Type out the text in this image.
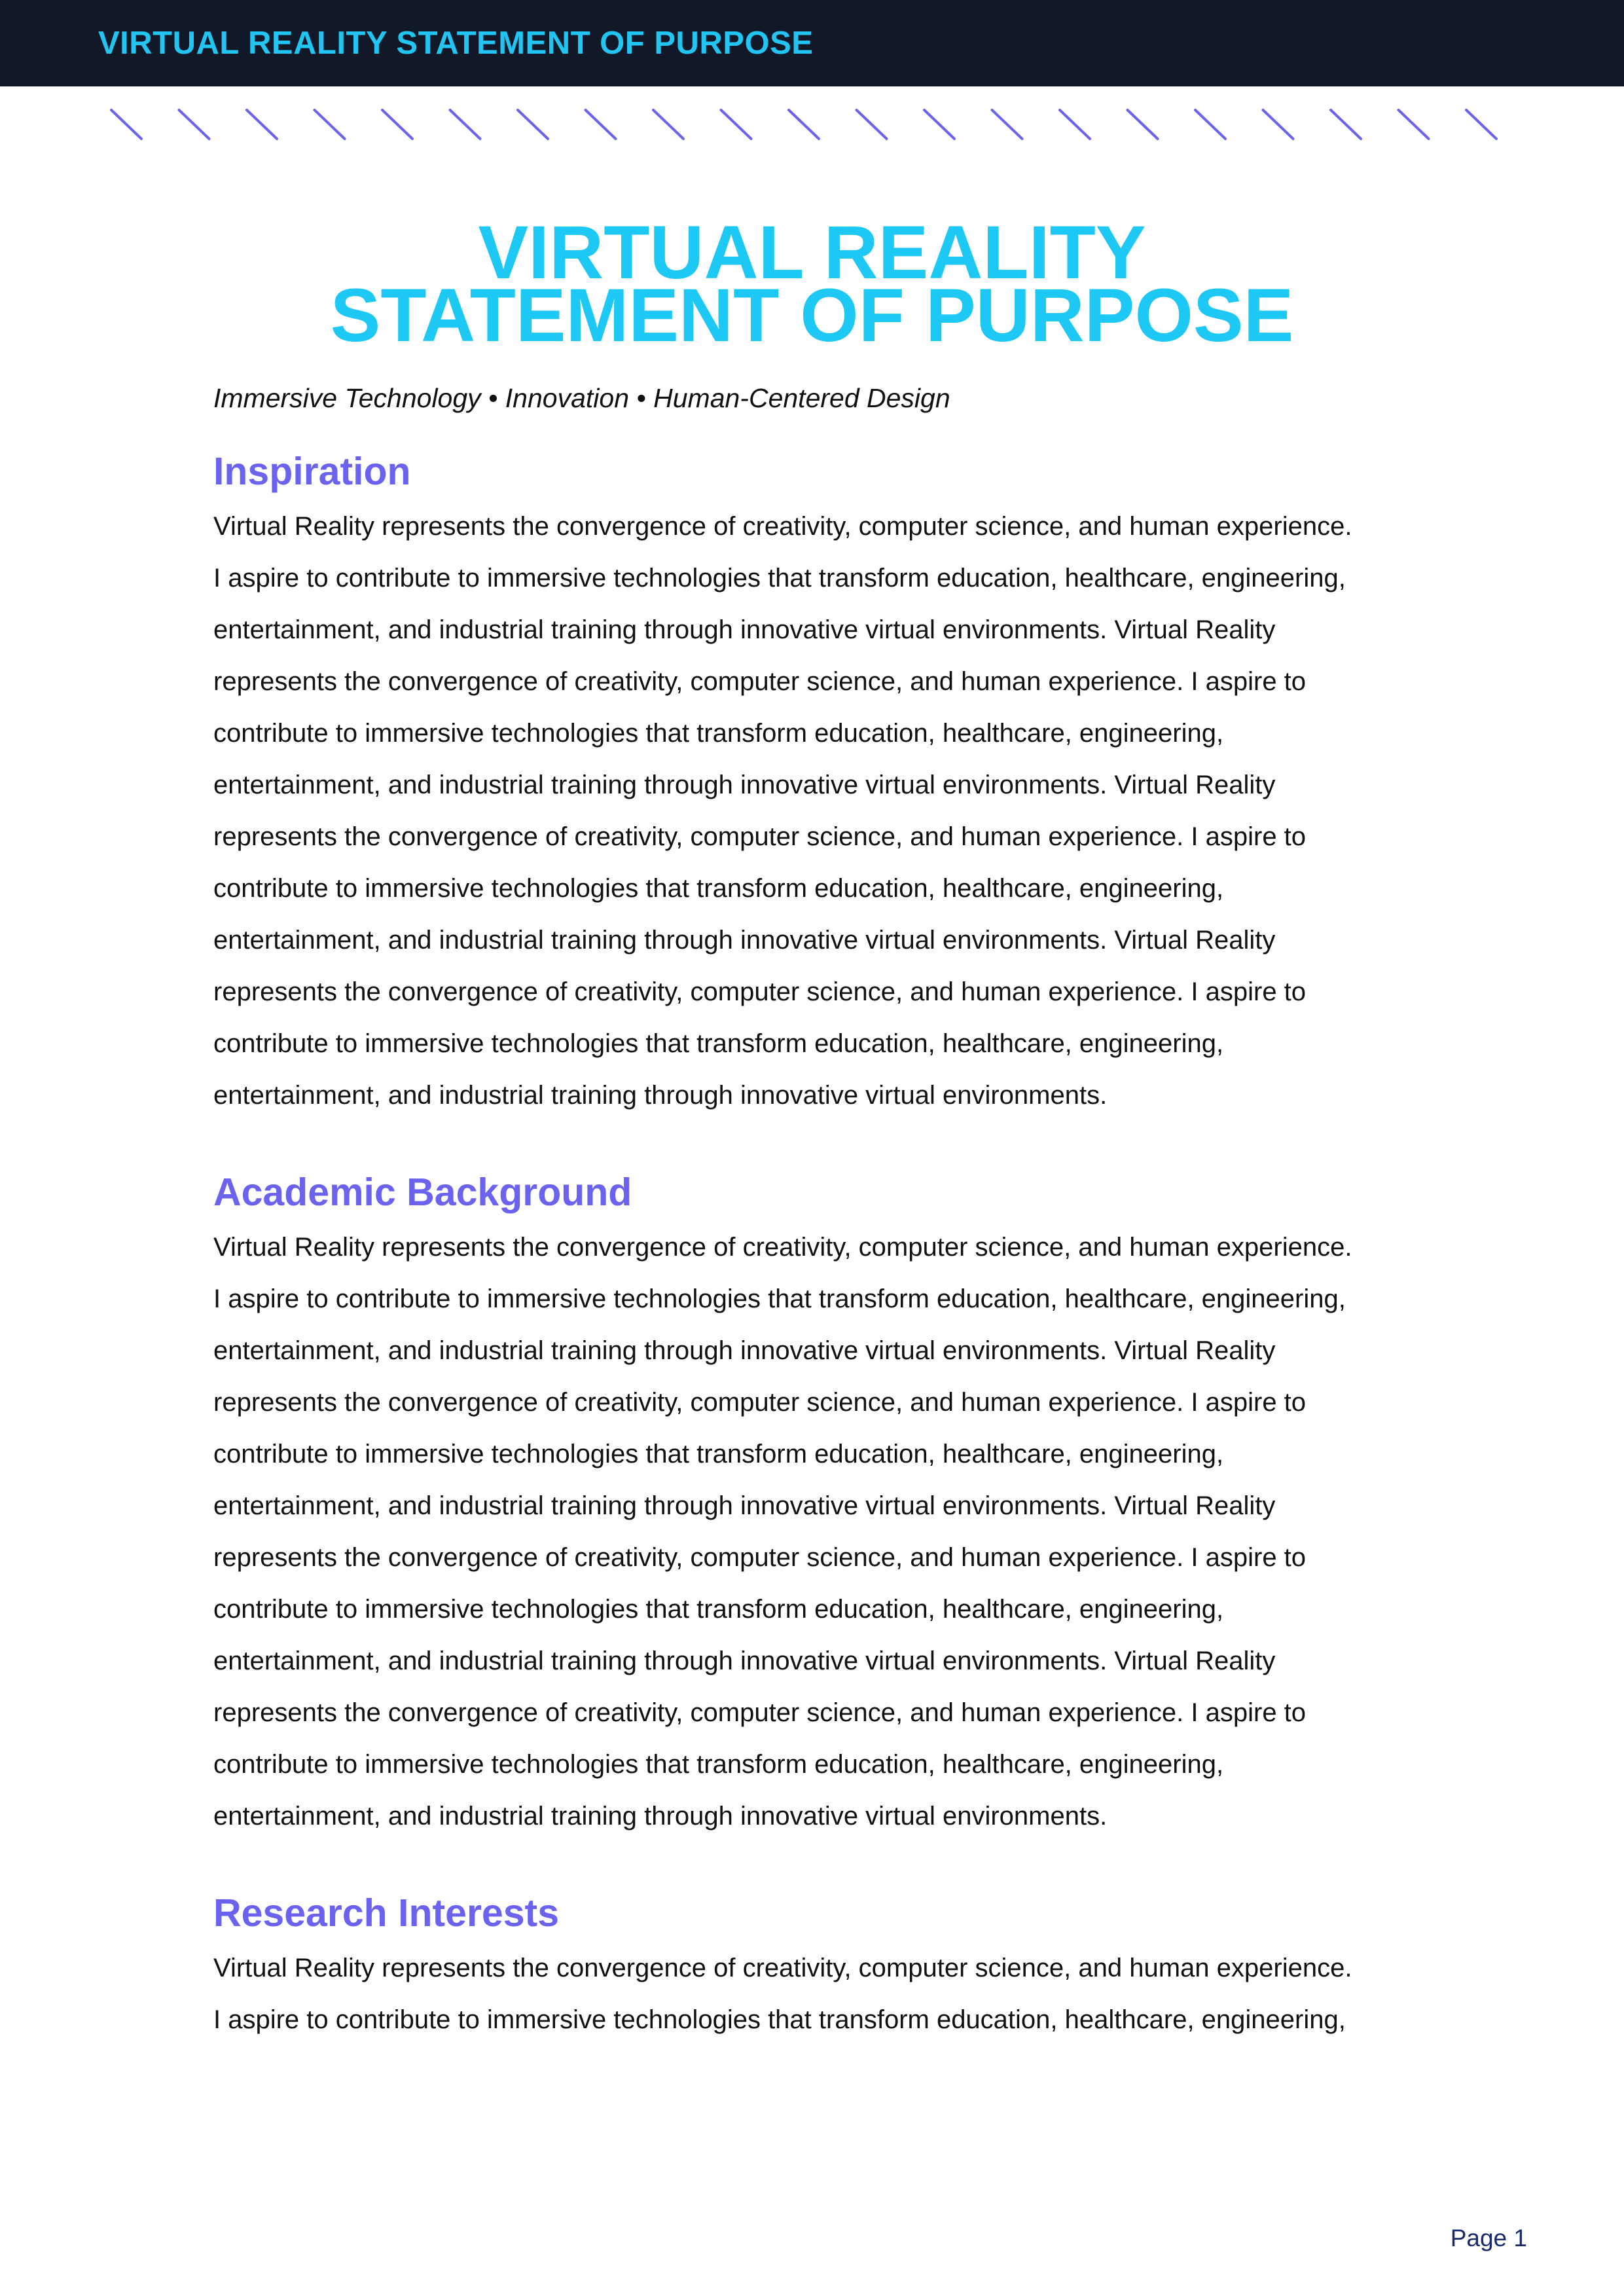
VIRTUAL REALITY STATEMENT OF PURPOSE
VIRTUAL REALITY
STATEMENT OF PURPOSE
Immersive Technology • Innovation • Human-Centered Design
Inspiration
Virtual Reality represents the convergence of creativity, computer science, and human experience.
I aspire to contribute to immersive technologies that transform education, healthcare, engineering,
entertainment, and industrial training through innovative virtual environments. Virtual Reality
represents the convergence of creativity, computer science, and human experience. I aspire to
contribute to immersive technologies that transform education, healthcare, engineering,
entertainment, and industrial training through innovative virtual environments. Virtual Reality
represents the convergence of creativity, computer science, and human experience. I aspire to
contribute to immersive technologies that transform education, healthcare, engineering,
entertainment, and industrial training through innovative virtual environments. Virtual Reality
represents the convergence of creativity, computer science, and human experience. I aspire to
contribute to immersive technologies that transform education, healthcare, engineering,
entertainment, and industrial training through innovative virtual environments.
Academic Background
Virtual Reality represents the convergence of creativity, computer science, and human experience.
I aspire to contribute to immersive technologies that transform education, healthcare, engineering,
entertainment, and industrial training through innovative virtual environments. Virtual Reality
represents the convergence of creativity, computer science, and human experience. I aspire to
contribute to immersive technologies that transform education, healthcare, engineering,
entertainment, and industrial training through innovative virtual environments. Virtual Reality
represents the convergence of creativity, computer science, and human experience. I aspire to
contribute to immersive technologies that transform education, healthcare, engineering,
entertainment, and industrial training through innovative virtual environments. Virtual Reality
represents the convergence of creativity, computer science, and human experience. I aspire to
contribute to immersive technologies that transform education, healthcare, engineering,
entertainment, and industrial training through innovative virtual environments.
Research Interests
Virtual Reality represents the convergence of creativity, computer science, and human experience.
I aspire to contribute to immersive technologies that transform education, healthcare, engineering,
Page 1
